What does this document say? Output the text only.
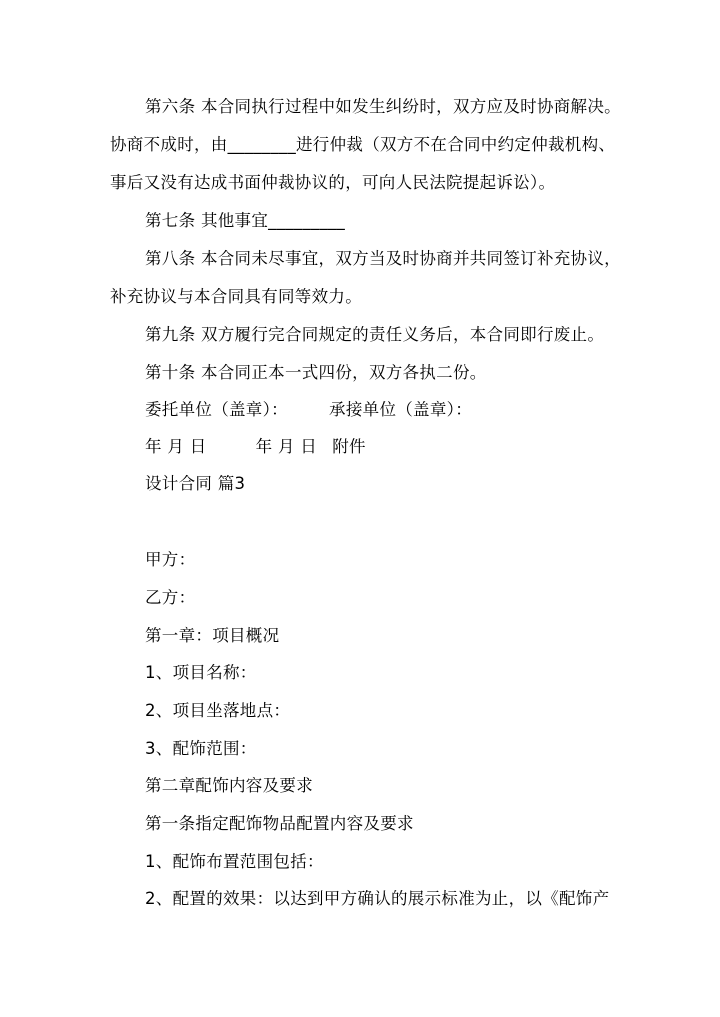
第六条 本合同执行过程中如发生纠纷时，双方应及时协商解决。
协商不成时，由________进行仲裁（双方不在合同中约定仲裁机构、
事后又没有达成书面仲裁协议的，可向人民法院提起诉讼）。
第七条 其他事宜_________
第八条 本合同未尽事宜，双方当及时协商并共同签订补充协议，
补充协议与本合同具有同等效力。
第九条 双方履行完合同规定的责任义务后，本合同即行废止。
第十条 本合同正本一式四份，双方各执二份。
委托单位（盖章）： 承接单位（盖章）：
年 月 日	年 月 日 附件
设计合同 篇3
甲方：
乙方：
第一章：项目概况
1、项目名称：
2、项目坐落地点：
3、配饰范围：
第二章配饰内容及要求
第一条指定配饰物品配置内容及要求
1、配饰布置范围包括：
2、配置的效果：以达到甲方确认的展示标准为止，以《配饰产
